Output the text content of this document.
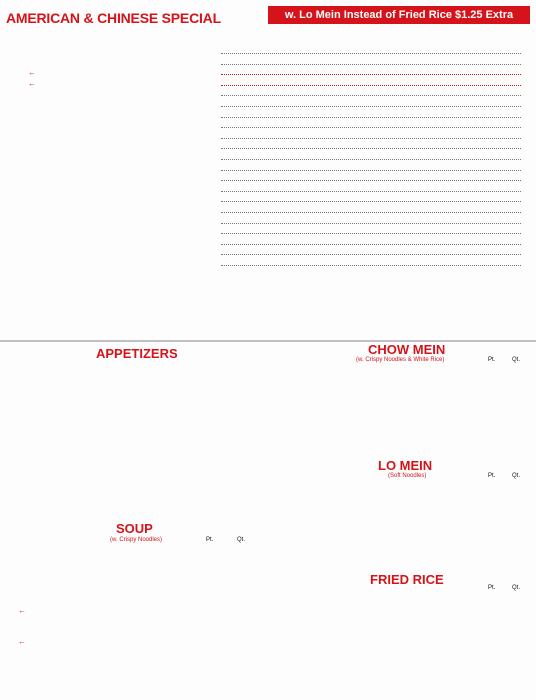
AMERICAN & CHINESE SPECIAL	w. Lo Mein Instead of Fried Rice $1.25 Extra
←
←
APPETIZERS
SOUP
(w. Crispy Noodles)	Pt.	Qt.
←
←
CHOW MEIN
(w. Crispy Noodles & White Rice)	Pt.	Qt.
LO MEIN
(Soft Noodles)	Pt.	Qt.
FRIED RICE
Pt.	Qt.
